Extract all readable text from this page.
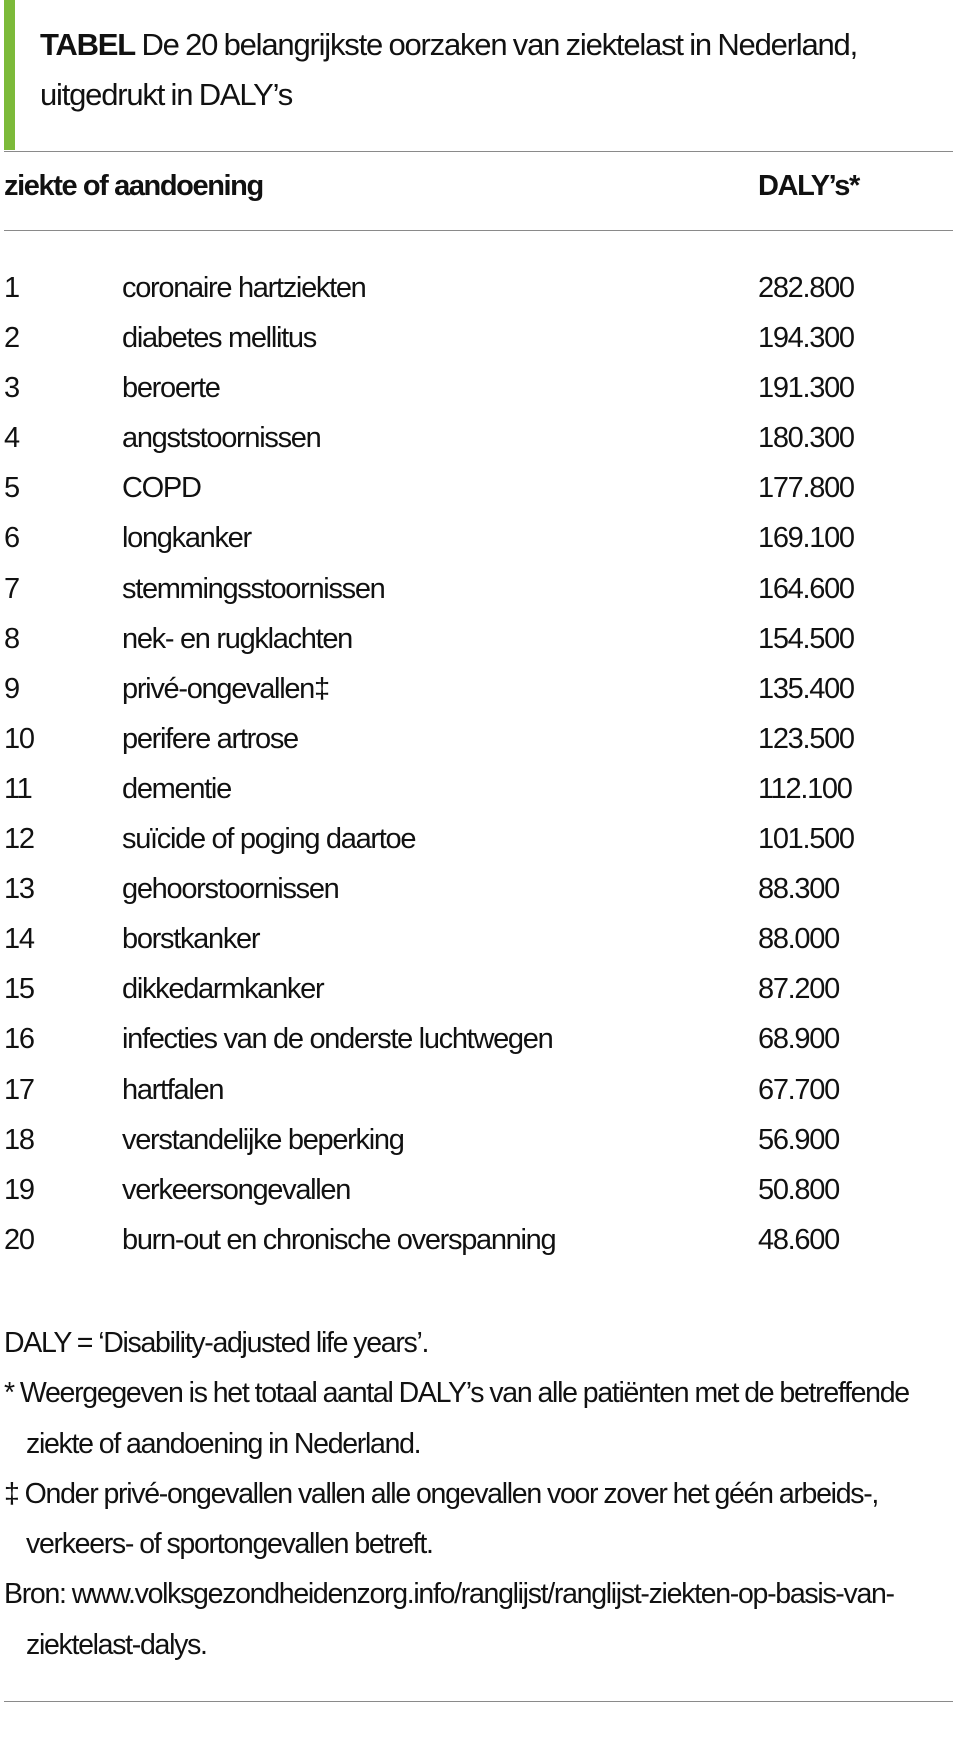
TABEL De 20 belangrijkste oorzaken van ziektelast in Nederland, uitgedrukt in DALY’s
ziekte of aandoening	DALY’s*
1	coronaire hartziekten	282.800
2	diabetes mellitus	194.300
3	beroerte	191.300
4	angststoornissen	180.300
5	COPD	177.800
6	longkanker	169.100
7	stemmingsstoornissen	164.600
8	nek- en rugklachten	154.500
9	privé-ongevallen‡	135.400
10	perifere artrose	123.500
11	dementie	112.100
12	suïcide of poging daartoe	101.500
13	gehoorstoornissen	88.300
14	borstkanker	88.000
15	dikkedarmkanker	87.200
16	infecties van de onderste luchtwegen	68.900
17	hartfalen	67.700
18	verstandelijke beperking	56.900
19	verkeersongevallen	50.800
20	burn-out en chronische overspanning	48.600
DALY = ‘Disability-adjusted life years’.
* Weergegeven is het totaal aantal DALY’s van alle patiënten met de betreffende ziekte of aandoening in Nederland.
‡ Onder privé-ongevallen vallen alle ongevallen voor zover het géén arbeids-, verkeers- of sportongevallen betreft.
Bron: www.volksgezondheidenzorg.info/ranglijst/ranglijst-ziekten-op-basis-van-ziektelast-dalys.
